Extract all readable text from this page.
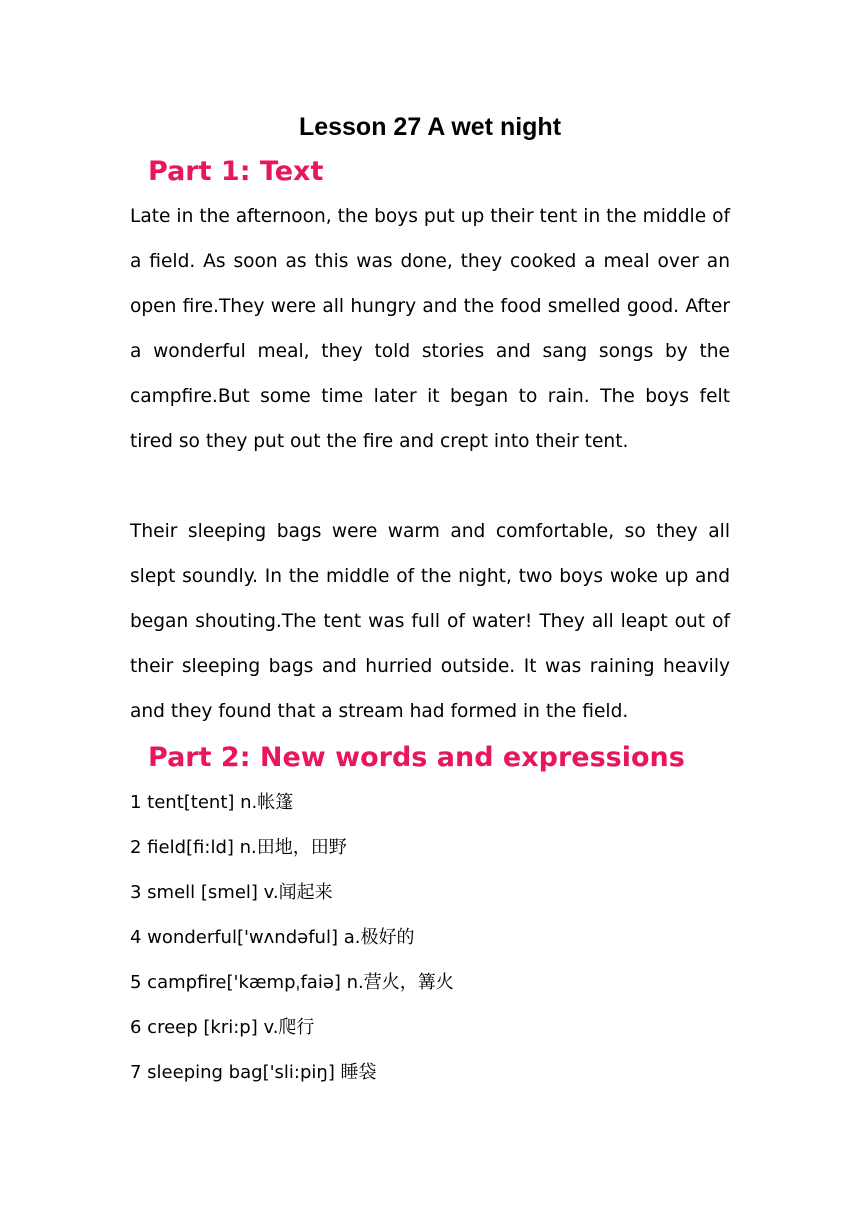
Lesson 27 A wet night
Part 1: Text

Late in the afternoon, the boys put up their tent in the middle of a field. As soon as this was done, they cooked a meal over an open fire.They were all hungry and the food smelled good. After a wonderful meal, they told stories and sang songs by the campfire.But some time later it began to rain. The boys felt tired so they put out the fire and crept into their tent.

Their sleeping bags were warm and comfortable, so they all slept soundly. In the middle of the night, two boys woke up and began shouting.The tent was full of water! They all leapt out of their sleeping bags and hurried outside. It was raining heavily and they found that a stream had formed in the field.

Part 2: New words and expressions
1 tent[tent] n.帐篷
2 field[fi:ld] n.田地，田野
3 smell [smel] v.闻起来
4 wonderful['wʌndəful] a.极好的
5 campfire['kæmpˌfaiə] n.营火，篝火
6 creep [kri:p] v.爬行
7 sleeping bag['sli:piŋ] 睡袋
